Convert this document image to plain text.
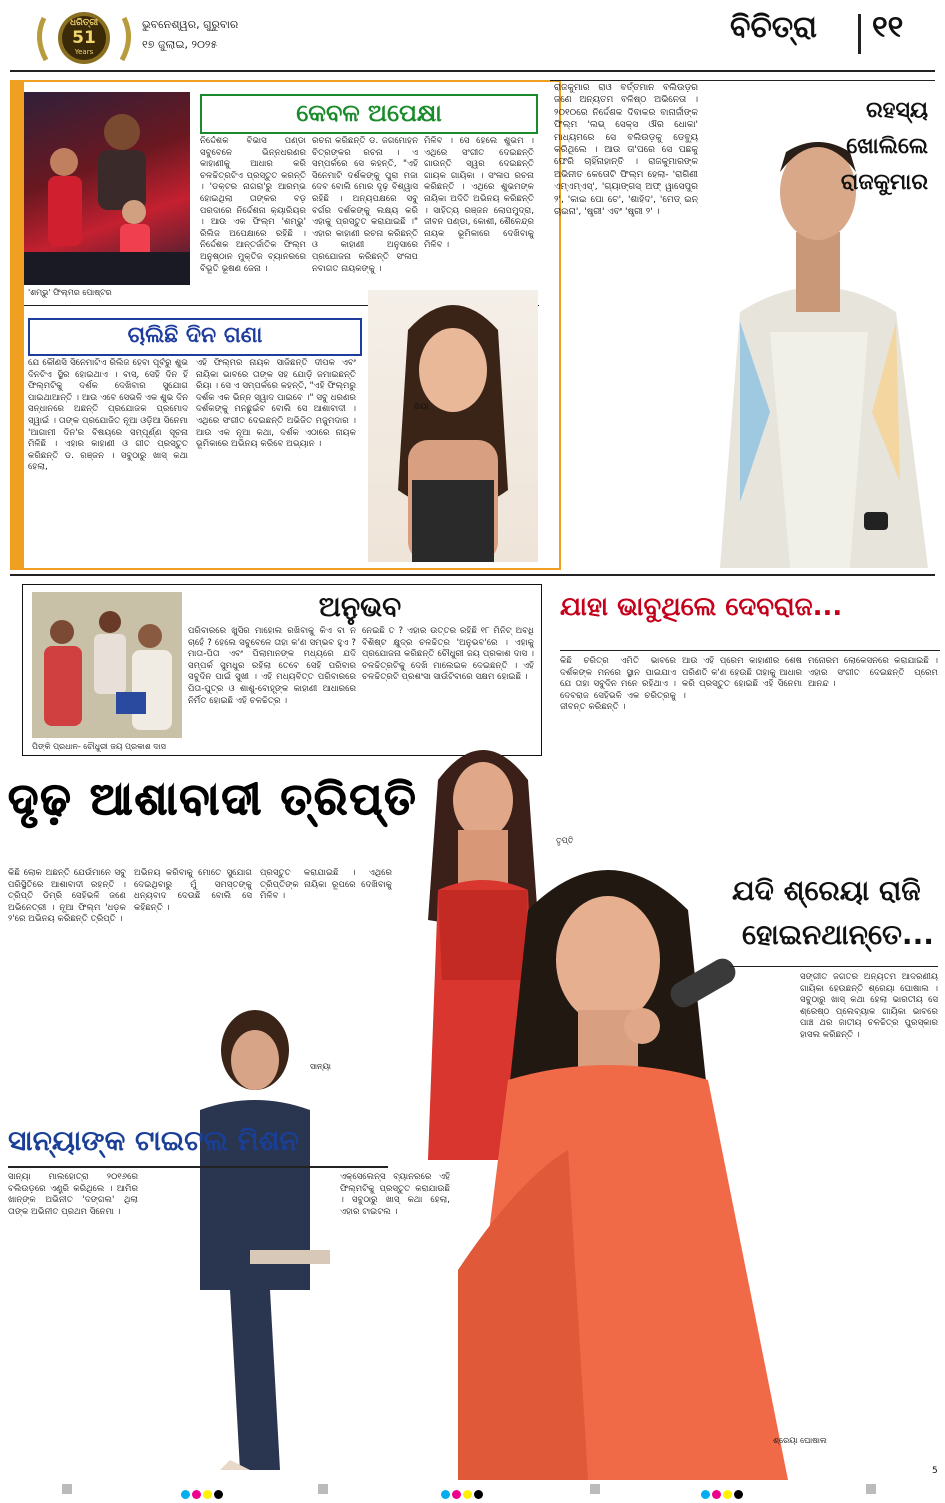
ଧରିତ୍ରୀ
51
Years
ଭୁବନେଶ୍ୱର, ଗୁରୁବାର
୧୭ ଜୁଲାଇ, ୨୦୨୫	ବିଚିତ୍ରା ୧୧
'ଶମ୍ଭୁ' ଫିଲ୍ମର ପୋଷ୍ଟର
କେବଳ ଅପେକ୍ଷା
ନିର୍ଦ୍ଦେଶକ ବିଭାସ ପଣ୍ଡା ସବୁବେଳେ ଭିନ୍ନଧରଣର କାହାଣୀକୁ ଆଧାର କରି ଚଳଚ୍ଚିତ୍ରଟିଏ ପ୍ରସ୍ତୁତ କରନ୍ତି । 'ଡକ୍ଟର ନାଗରା'ରୁ ଆରମ୍ଭ ହୋଇଥିଲା ତାଙ୍କର ବଡ଼ ପରଦାରେ ନିର୍ଦ୍ଦେଶନା କ୍ୟାରିୟର । ଆଉ ଏକ ଫିଲ୍ମ 'ଶମ୍ଭୁ' ରିଲିଜ ଅପେକ୍ଷାରେ ରହିଛି । ନିର୍ଦ୍ଦେଶକ ଆନ୍ତର୍ଜାତିକ ଫିଲ୍ମ ଅନୁଷ୍ଠାନ ମୁକ୍ତିଜ ବ୍ୟାନରରେ ବିଭୂତି ଭୂଷଣ ଜେନା ।
ରଚନା କରିଛନ୍ତି ଡ. ଜଗମୋହନ ଚିତ୍ରଙ୍କର ରଚନା । ଏ ସମ୍ପର୍କରେ ସେ କହନ୍ତି, "ଏହି ସିନେମାଟି ଦର୍ଶକଙ୍କୁ ପୁରା ମଜା ଦେବ ବୋଲି ମୋର ଦୃଢ଼ ବିଶ୍ୱାସ ରହିଛି । ଅନ୍ୟପକ୍ଷରେ ସବୁ ବର୍ଗର ଦର୍ଶକଙ୍କୁ ଲକ୍ଷ୍ୟ କରି ଏହାକୁ ପ୍ରସ୍ତୁତ କରାଯାଇଛି ।" ଏହାର କାହାଣୀ ରଚନା କରିଛନ୍ତି ଓ କାହାଣୀ ଅନୁସାରେ ପ୍ରଯୋଜନା କରିଛନ୍ତି ସଂଳାପ ନବାଗତ ନାୟକଙ୍କୁ ।
ମିଳିବ । ସେ ହେଲେ ଶୁଭମ । ଏଥିରେ ସଂଗୀତ ଦେଇଛନ୍ତି ଗାଉନ୍ତି ସ୍ୱର ଦେଇଛନ୍ତି ଗାୟକ ଗାୟିକା । ସଂଳାପ ରଚନା କରିଛନ୍ତି । ଏଥିରେ ଶୁଭମଙ୍କ ନାୟିକା ଅଦିତି ଅଭିନୟ କରିଛନ୍ତି । ସାହିତ୍ୟ ରଞ୍ଜନ ଲୋପମୁଦ୍ରା, ଜୀବନ ପଣ୍ଡା, କୋଶୀ, ଶୈଳେନ୍ଦ୍ର ନାୟକ ଭୂମିକାରେ ଦେଖିବାକୁ ମିଳିବ ।
ଚାଲିଛି ଦିନ ଗଣା
ଯେ କୌଣସି ସିନେମାଟିଏ ରିଲିଜ ହେବା ପୂର୍ବରୁ ଶୁଭ ଦିନଟିଏ ସ୍ଥିର ହୋଇଥାଏ । ବାସ୍, ସେହି ଦିନ ହିଁ ଫିଲ୍ମଟିକୁ ଦର୍ଶକ ଦେଖିବାର ସୁଯୋଗ ପାଇଥାଆନ୍ତି । ଆଉ ଏବେ ସେଭଳି ଏକ ଶୁଭ ଦିନ ସନ୍ଧାନରେ ଅଛନ୍ତି ପ୍ରଯୋଜକ ପ୍ରମୋଦ ସ୍ୱାଇଁ । ତାଙ୍କ ପ୍ରଯୋଜିତ ନୂଆ ଓଡ଼ିଆ ସିନେମା 'ଆଗାମୀ ଦିନ'ର ବିଷୟରେ ସମ୍ପୂର୍ଣ୍ଣ ସୂଚନା ମିଳିଛି । ଏହାର କାହାଣୀ ଓ ଗୀତ ପ୍ରସ୍ତୁତ କରିଛନ୍ତି ଡ. ରଞ୍ଜନ । ସବୁଠାରୁ ଖାସ୍ କଥା ହେଲା,
ଏହି ଫିଲ୍ମର ନାୟକ ସାଜିଛନ୍ତି ଦୀପକ ଏବଂ ନାୟିକା ଭାବରେ ତାଙ୍କ ସହ ଯୋଡ଼ି ଜମାଇଛନ୍ତି ରିୟା । ସେ ଏ ସମ୍ପର୍କରେ କହନ୍ତି, "ଏହି ଫିଲ୍ମରୁ ଦର୍ଶକ ଏକ ଭିନ୍ନ ସ୍ୱାଦ ପାଇବେ ।" ସବୁ ଧରଣର ଦର୍ଶକଙ୍କୁ ମନଛୁଇଁବ ବୋଲି ସେ ଆଶାବାଦୀ । ଏଥିରେ ସଂଗୀତ ଦେଇଛନ୍ତି ଅଭିଜିତ ମଜୁମଦାର । ଆଉ ଏକ ନୂଆ କଥା, ଦର୍ଶକ ଏଠାରେ ନାୟକ ଭୂମିକାରେ ଅଭିନୟ କରିବେ ଅଭ୍ୟାନ ।
ରିୟା
ରାଜକୁମାର ରାଓ ବର୍ତ୍ତମାନ ବଲିଉଡ଼ର ଜଣେ ଅନ୍ୟତମ ବଳିଷ୍ଠ ଅଭିନେତା । ୨୦୧୦ରେ ନିର୍ଦ୍ଦେଶକ ଦିବାକର ବାନାର୍ଜୀଙ୍କ ଫିଲ୍ମ 'ଲଭ୍ ସେକ୍ସ ଔର ଧୋକା' ମାଧ୍ୟମରେ ସେ ବଲିଉଡ଼କୁ ଡେବ୍ୟୁ କରିଥିଲେ । ଆଉ ତା'ପରେ ସେ ପଛକୁ ଫେରି ଚାହିଁନାହାନ୍ତି । ରାଜକୁମାରଙ୍କ ଅଭିନୀତ କେତୋଟି ଫିଲ୍ମ ହେଲା- 'ରାଗିଣୀ ଏମ୍‌ଏମ୍‌ଏସ୍', 'ଗ୍ୟାଙ୍ଗସ୍ ଅଫ୍ ୱାସେପୁର ୨', 'କାଇ ପୋ ଚେ', 'ଶାହିଦ', 'ମେଡ୍ ଇନ୍ ଚାଇନା', 'ଷ୍ତ୍ରୀ' ଏବଂ 'ଷ୍ତ୍ରୀ ୨' ।
ରହସ୍ୟ
ଖୋଲିଲେ
ରାଜକୁମାର
ପିଙ୍କି ପ୍ରଧାନ- ଚୌଧୁରୀ ଜୟ ପ୍ରକାଶ ଦାସ
ଅନୁଭବ
ପରିବାରରେ ଖୁସିର ମାହୋଲ ରଖିବାକୁ କିଏ ବା ନ ଚାହେଁ ? ହେଲେ ସବୁବେଳେ ତାହା କ'ଣ ସମ୍ଭବ ହୁଏ ? ମାତା-ପିତା ଏବଂ ପିଲାମାନଙ୍କ ମଧ୍ୟରେ ଯଦି ସମ୍ପର୍କ ସୁମଧୁର ରହିଲା ତେବେ ସେହି ପରିବାର ସବୁଦିନ ପାଇଁ ସୁଖୀ । ଏହି ମଧ୍ୟବିତ୍ତ ପରିବାରରେ ପିତା-ପୁତ୍ର ଓ ଶାଶୁ-ବୋହୂଙ୍କ କାହାଣୀ ଆଧାରରେ ନିର୍ମିତ ହୋଇଛି ଏହି ଚଳଚ୍ଚିତ୍ର ।
ନେଇଛି ତ ? ଏହାର ଉତ୍ତର ରହିଛି ୧୮ ମିନିଟ୍ ଅବଧି ବିଶିଷ୍ଟ କ୍ଷୁଦ୍ର ଚଳଚ୍ଚିତ୍ର 'ଅନୁଭବ'ରେ । ଏହାକୁ ପ୍ରଯୋଜନା କରିଛନ୍ତି ଚୌଧୁରୀ ଜୟ ପ୍ରକାଶ ଦାସ । ଚଳଚ୍ଚିତ୍ରଟିକୁ ଦେଖି ମାଲେଇକ ଦେଇଛନ୍ତି । ଏହି ଚଳଚ୍ଚିତ୍ରଟି ପ୍ରଶଂସା ସାଉଁଟିବାରେ ସକ୍ଷମ ହୋଇଛି ।
ଯାହା ଭାବୁଥିଲେ ଦେବରାଜ...
କିଛି ଚରିତ୍ର ଏମିତି ଭାବରେ ଦର୍ଶକଙ୍କ ମନରେ ସ୍ଥାନ ପାଇଯାଏ ଯେ ତାହା ସବୁଦିନ ମନେ ରହିଥାଏ । ଦେବରାଜ ସେହିଭଳି ଏକ ଚରିତ୍ରକୁ ଜୀବନ୍ତ କରିଛନ୍ତି ।
ଆଉ ଏହି ପ୍ରେମ କାହାଣୀର ଶେଷ ପରିଣତି କ'ଣ ହେଉଛି ତାହାକୁ ଆଧାର କରି ପ୍ରସ୍ତୁତ ହୋଇଛି ଏହି ସିନେମା ।
ମନୋରମ ଲୋକେସନରେ କରାଯାଇଛି । ଏହାର ସଂଗୀତ ଦେଇଛନ୍ତି ପ୍ରେମ ଆନନ୍ଦ ।
ତୃପ୍ତି
ଦୃଢ଼ ଆଶାବାଦୀ ତ୍ରିପ୍ତି
କିଛି ଲୋକ ଅଛନ୍ତି ଯେଉଁମାନେ ସବୁ ପରିସ୍ଥିତିରେ ଆଶାବାଦୀ ରହନ୍ତି । ତ୍ରିପ୍ତି ଡିମ୍ରି ସେହିଭଳି ଜଣେ ଅଭିନେତ୍ରୀ । ନୂଆ ଫିଲ୍ମ 'ଧଡ଼କ ୨'ରେ ଅଭିନୟ କରିଛନ୍ତି ତ୍ରିପ୍ତି ।
ଅଭିନୟ କରିବାକୁ ମୋତେ ସୁଯୋଗ ଦେଇଥିବାରୁ ମୁଁ ସମସ୍ତଙ୍କୁ ଧନ୍ୟବାଦ ଦେଉଛି ବୋଲି ସେ କହିଛନ୍ତି ।
ପ୍ରସ୍ତୁତ କରାଯାଇଛି । ଏଥିରେ ତ୍ରିପ୍ତିଙ୍କ ନାୟିକା ରୂପରେ ଦେଖିବାକୁ ମିଳିବ ।
ସାନ୍ୟା
ସାନ୍ୟାଙ୍କ ଟାଇଟଲ ମିଶନ
ସାନ୍ୟା ମାଲହୋତ୍ରା ୨୦୧୬ରେ ବଲିଉଡ଼ରେ ଏଣ୍ଟ୍ରି କରିଥିଲେ । ଆମିର ଖାନ୍‌ଙ୍କ ଅଭିନୀତ 'ଦଙ୍ଗଲ' ଥିଲା ତାଙ୍କ ଅଭିନୀତ ପ୍ରଥମ ସିନେମା ।
ଏକ୍ସେଲେନ୍ସ ବ୍ୟାନରରେ ଏହି ଫିଲ୍ମଟିକୁ ପ୍ରସ୍ତୁତ କରାଯାଉଛି । ସବୁଠାରୁ ଖାସ୍ କଥା ହେଲା, ଏହାର ଟାଇଟଲ ।
ଶ୍ରେୟା ଘୋଷାଲ
ଯଦି ଶ୍ରେୟା ରାଜି
ହୋଇନଥାନ୍ତେ...
ସଙ୍ଗୀତ ଜଗତର ଅନ୍ୟତମ ଆଦରଣୀୟ ଗାୟିକା ହେଉଛନ୍ତି ଶ୍ରେୟା ଘୋଷାଲ । ସବୁଠାରୁ ଖାସ୍ କଥା ହେଲା ଭାରତୀୟ ସେ ଶ୍ରେଷ୍ଠ ପ୍ଲେବ୍ୟାକ ଗାୟିକା ଭାବରେ ପାଞ୍ଚ ଥର ଜାତୀୟ ଚଳଚ୍ଚିତ୍ର ପୁରସ୍କାର ହାସଲ କରିଛନ୍ତି ।
5
